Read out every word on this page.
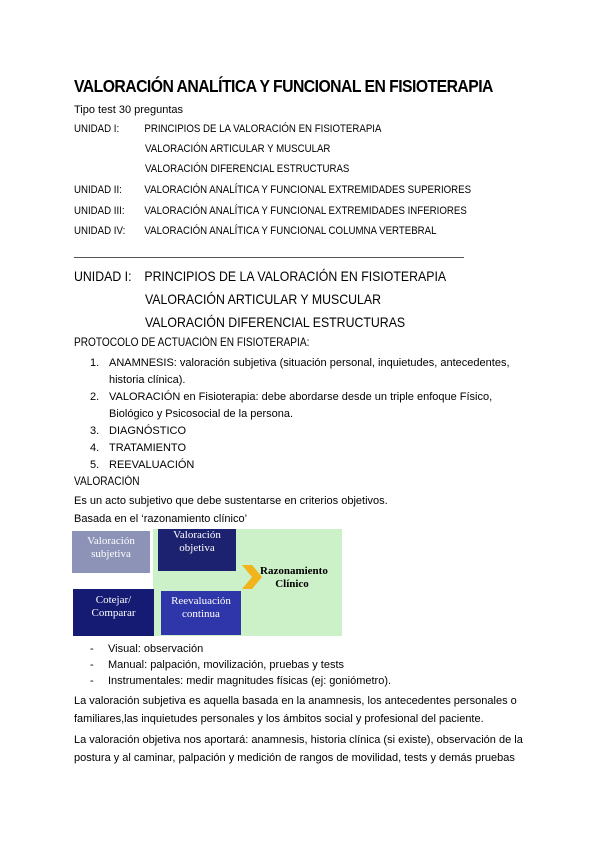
VALORACIÓN ANALÍTICA Y FUNCIONAL EN FISIOTERAPIA
Tipo test 30 preguntas
UNIDAD I: PRINCIPIOS DE LA VALORACIÓN EN FISIOTERAPIA
VALORACIÓN ARTICULAR Y MUSCULAR
VALORACIÓN DIFERENCIAL ESTRUCTURAS
UNIDAD II: VALORACIÓN ANALÍTICA Y FUNCIONAL EXTREMIDADES SUPERIORES
UNIDAD III: VALORACIÓN ANALÍTICA Y FUNCIONAL EXTREMIDADES INFERIORES
UNIDAD IV: VALORACIÓN ANALÍTICA Y FUNCIONAL COLUMNA VERTEBRAL
UNIDAD I: PRINCIPIOS DE LA VALORACIÓN EN FISIOTERAPIA
VALORACIÓN ARTICULAR Y MUSCULAR
VALORACIÓN DIFERENCIAL ESTRUCTURAS
PROTOCOLO DE ACTUACIÓN EN FISIOTERAPIA:
1. ANAMNESIS: valoración subjetiva (situación personal, inquietudes, antecedentes,
historia clínica).
2. VALORACIÓN en Fisioterapia: debe abordarse desde un triple enfoque Físico,
Biológico y Psicosocial de la persona.
3. DIAGNÓSTICO
4. TRATAMIENTO
5. REEVALUACIÓN
VALORACIÓN
Es un acto subjetivo que debe sustentarse en criterios objetivos.
Basada en el ‘razonamiento clínico’
Valoración subjetiva
Valoración objetiva
Cotejar/ Comparar
Reevaluación continua
Razonamiento Clínico
- Visual: observación
- Manual: palpación, movilización, pruebas y tests
- Instrumentales: medir magnitudes físicas (ej: goniómetro).
La valoración subjetiva es aquella basada en la anamnesis, los antecedentes personales o familiares,las inquietudes personales y los ámbitos social y profesional del paciente.
La valoración objetiva nos aportará: anamnesis, historia clínica (si existe), observación de la postura y al caminar, palpación y medición de rangos de movilidad, tests y demás pruebas
